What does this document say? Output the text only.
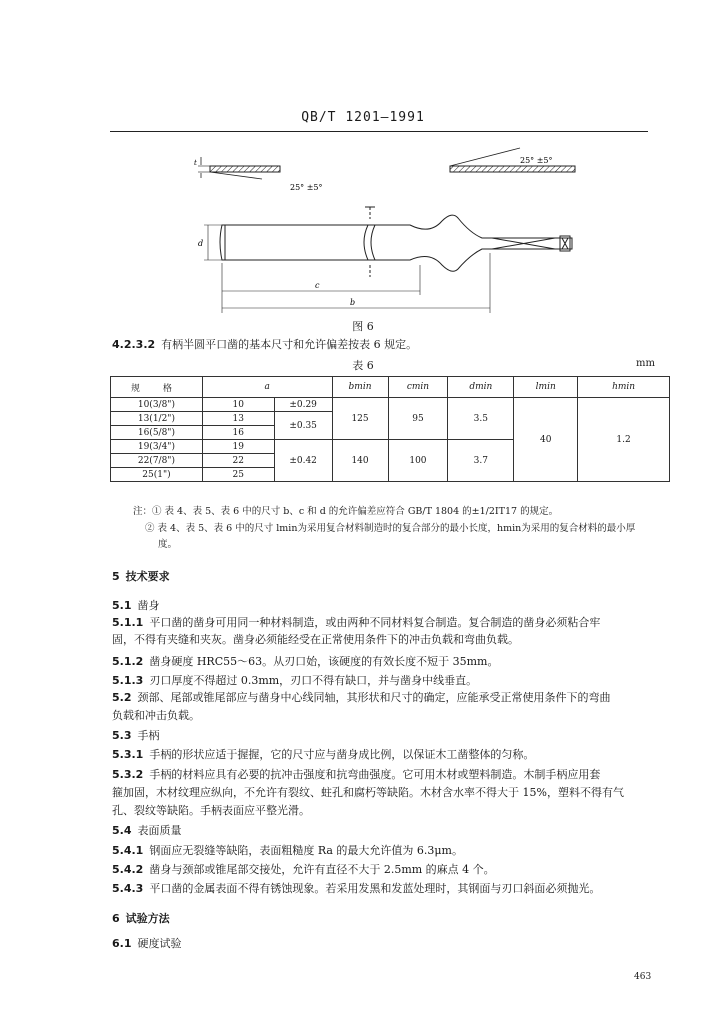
QB/T 1201—1991
t
25° ±5°
25° ±5°
d
c
b
图 6
4.2.3.2 有柄半圆平口凿的基本尺寸和允许偏差按表 6 规定。
表 6	mm
规 格	a		bmin	cmin	dmin	lmin	hmin
10(3/8")	10	±0.29	125	95	3.5	40	1.2
13(1/2")	13	±0.35					
16(5/8")	16						
19(3/4")	19	±0.42	140	100	3.7		
22(7/8")	22						
25(1")	25						
注：① 表 4、表 5、表 6 中的尺寸 b、c 和 d 的允许偏差应符合 GB/T 1804 的±1/2IT17 的规定。
② 表 4、表 5、表 6 中的尺寸 lmin为采用复合材料制造时的复合部分的最小长度，hmin为采用的复合材料的最小厚
度。
5 技术要求
5.1 凿身
5.1.1 平口凿的凿身可用同一种材料制造，或由两种不同材料复合制造。复合制造的凿身必须粘合牢
固，不得有夹缝和夹灰。凿身必须能经受在正常使用条件下的冲击负载和弯曲负载。
5.1.2 凿身硬度 HRC55～63。从刃口始，该硬度的有效长度不短于 35mm。
5.1.3 刃口厚度不得超过 0.3mm，刃口不得有缺口，并与凿身中线垂直。
5.2 颈部、尾部或锥尾部应与凿身中心线同轴，其形状和尺寸的确定，应能承受正常使用条件下的弯曲
负载和冲击负载。
5.3 手柄
5.3.1 手柄的形状应适于握握，它的尺寸应与凿身成比例，以保证木工凿整体的匀称。
5.3.2 手柄的材料应具有必要的抗冲击强度和抗弯曲强度。它可用木材或塑料制造。木制手柄应用套
箍加固，木材纹理应纵向，不允许有裂纹、蛀孔和腐朽等缺陷。木材含水率不得大于 15%，塑料不得有气
孔、裂纹等缺陷。手柄表面应平整光滑。
5.4 表面质量
5.4.1 钢面应无裂缝等缺陷，表面粗糙度 Ra 的最大允许值为 6.3μm。
5.4.2 凿身与颈部或锥尾部交接处，允许有直径不大于 2.5mm 的麻点 4 个。
5.4.3 平口凿的金属表面不得有锈蚀现象。若采用发黑和发蓝处理时，其钢面与刃口斜面必须抛光。
6 试验方法
6.1 硬度试验
463
